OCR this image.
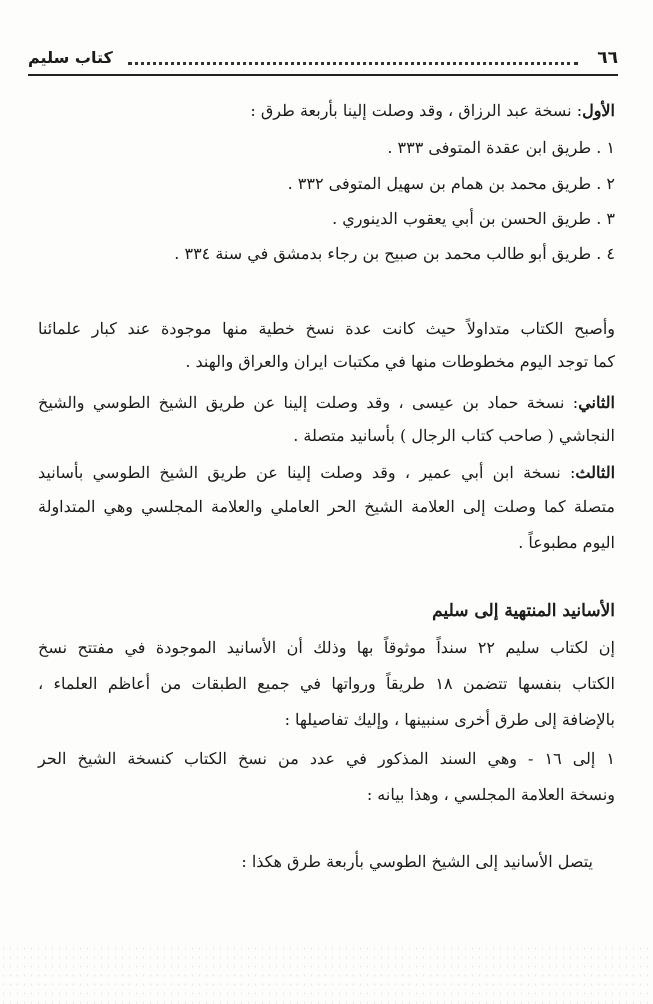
٦٦
كتاب سليم
الأول: نسخة عبد الرزاق ، وقد وصلت إلينا بأربعة طرق :
١ . طريق ابن عقدة المتوفى ٣٣٣ .
٢ . طريق محمد بن همام بن سهيل المتوفى ٣٣٢ .
٣ . طريق الحسن بن أبي يعقوب الدينوري .
٤ . طريق أبو طالب محمد بن صبيح بن رجاء بدمشق في سنة ٣٣٤ .
وأصبح الكتاب متداولاً حيث كانت عدة نسخ خطية منها موجودة عند كبار علمائنا
كما توجد اليوم مخطوطات منها في مكتبات ايران والعراق والهند .
الثاني: نسخة حماد بن عيسى ، وقد وصلت إلينا عن طريق الشيخ الطوسي والشيخ
النجاشي ( صاحب كتاب الرجال ) بأسانيد متصلة .
الثالث: نسخة ابن أبي عمير ، وقد وصلت إلينا عن طريق الشيخ الطوسي بأسانيد
متصلة كما وصلت إلى العلامة الشيخ الحر العاملي والعلامة المجلسي وهي المتداولة
اليوم مطبوعاً .
الأسانيد المنتهية إلى سليم
إن لكتاب سليم ٢٢ سنداً موثوقاً بها وذلك أن الأسانيد الموجودة في مفتتح نسخ
الكتاب بنفسها تتضمن ١٨ طريقاً ورواتها في جميع الطبقات من أعاظم العلماء ،
بالإضافة إلى طرق أخرى سنبينها ، وإليك تفاصيلها :
١ إلى ١٦ - وهي السند المذكور في عدد من نسخ الكتاب كنسخة الشيخ الحر
ونسخة العلامة المجلسي ، وهذا بيانه :
يتصل الأسانيد إلى الشيخ الطوسي بأربعة طرق هكذا :
